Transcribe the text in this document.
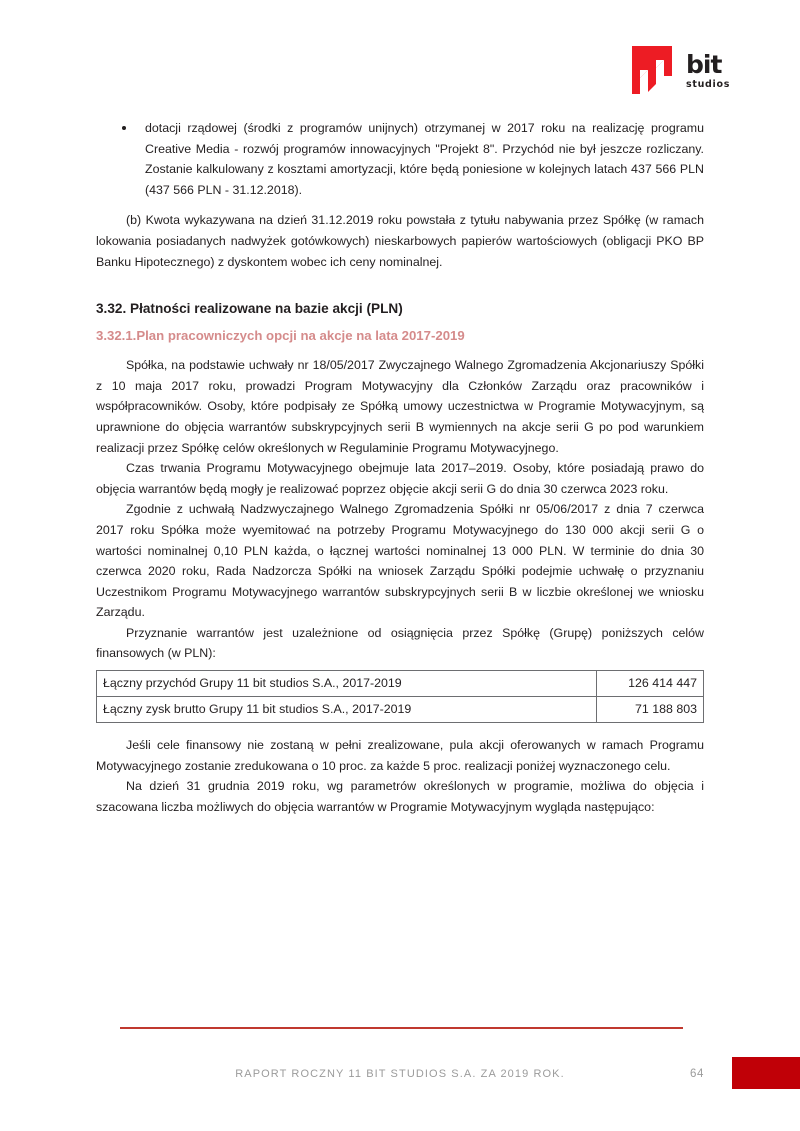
bit
studios
dotacji rządowej (środki z programów unijnych) otrzymanej w 2017 roku na realizację programu Creative Media - rozwój programów innowacyjnych "Projekt 8". Przychód nie był jeszcze rozliczany. Zostanie kalkulowany z kosztami amortyzacji, które będą poniesione w kolejnych latach 437 566 PLN (437 566 PLN - 31.12.2018).

(b) Kwota wykazywana na dzień 31.12.2019 roku powstała z tytułu nabywania przez Spółkę (w ramach lokowania posiadanych nadwyżek gotówkowych) nieskarbowych papierów wartościowych (obligacji PKO BP Banku Hipotecznego) z dyskontem wobec ich ceny nominalnej.

3.32. Płatności realizowane na bazie akcji (PLN)
3.32.1.Plan pracowniczych opcji na akcje na lata 2017-2019

Spółka, na podstawie uchwały nr 18/05/2017 Zwyczajnego Walnego Zgromadzenia Akcjonariuszy Spółki z 10 maja 2017 roku, prowadzi Program Motywacyjny dla Członków Zarządu oraz pracowników i współpracowników. Osoby, które podpisały ze Spółką umowy uczestnictwa w Programie Motywacyjnym, są uprawnione do objęcia warrantów subskrypcyjnych serii B wymiennych na akcje serii G po pod warunkiem realizacji przez Spółkę celów określonych w Regulaminie Programu Motywacyjnego.

Czas trwania Programu Motywacyjnego obejmuje lata 2017–2019. Osoby, które posiadają prawo do objęcia warrantów będą mogły je realizować poprzez objęcie akcji serii G do dnia 30 czerwca 2023 roku.

Zgodnie z uchwałą Nadzwyczajnego Walnego Zgromadzenia Spółki nr 05/06/2017 z dnia 7 czerwca 2017 roku Spółka może wyemitować na potrzeby Programu Motywacyjnego do 130 000 akcji serii G o wartości nominalnej 0,10 PLN każda, o łącznej wartości nominalnej 13 000 PLN. W terminie do dnia 30 czerwca 2020 roku, Rada Nadzorcza Spółki na wniosek Zarządu Spółki podejmie uchwałę o przyznaniu Uczestnikom Programu Motywacyjnego warrantów subskrypcyjnych serii B w liczbie określonej we wniosku Zarządu.

Przyznanie warrantów jest uzależnione od osiągnięcia przez Spółkę (Grupę) poniższych celów finansowych (w PLN):

Łączny przychód Grupy 11 bit studios S.A., 2017-2019	126 414 447
Łączny zysk brutto Grupy 11 bit studios S.A., 2017-2019	71 188 803

Jeśli cele finansowy nie zostaną w pełni zrealizowane, pula akcji oferowanych w ramach Programu Motywacyjnego zostanie zredukowana o 10 proc. za każde 5 proc. realizacji poniżej wyznaczonego celu.

Na dzień 31 grudnia 2019 roku, wg parametrów określonych w programie, możliwa do objęcia i szacowana liczba możliwych do objęcia warrantów w Programie Motywacyjnym wygląda następująco:

RAPORT ROCZNY 11 BIT STUDIOS S.A. ZA 2019 ROK.	64
